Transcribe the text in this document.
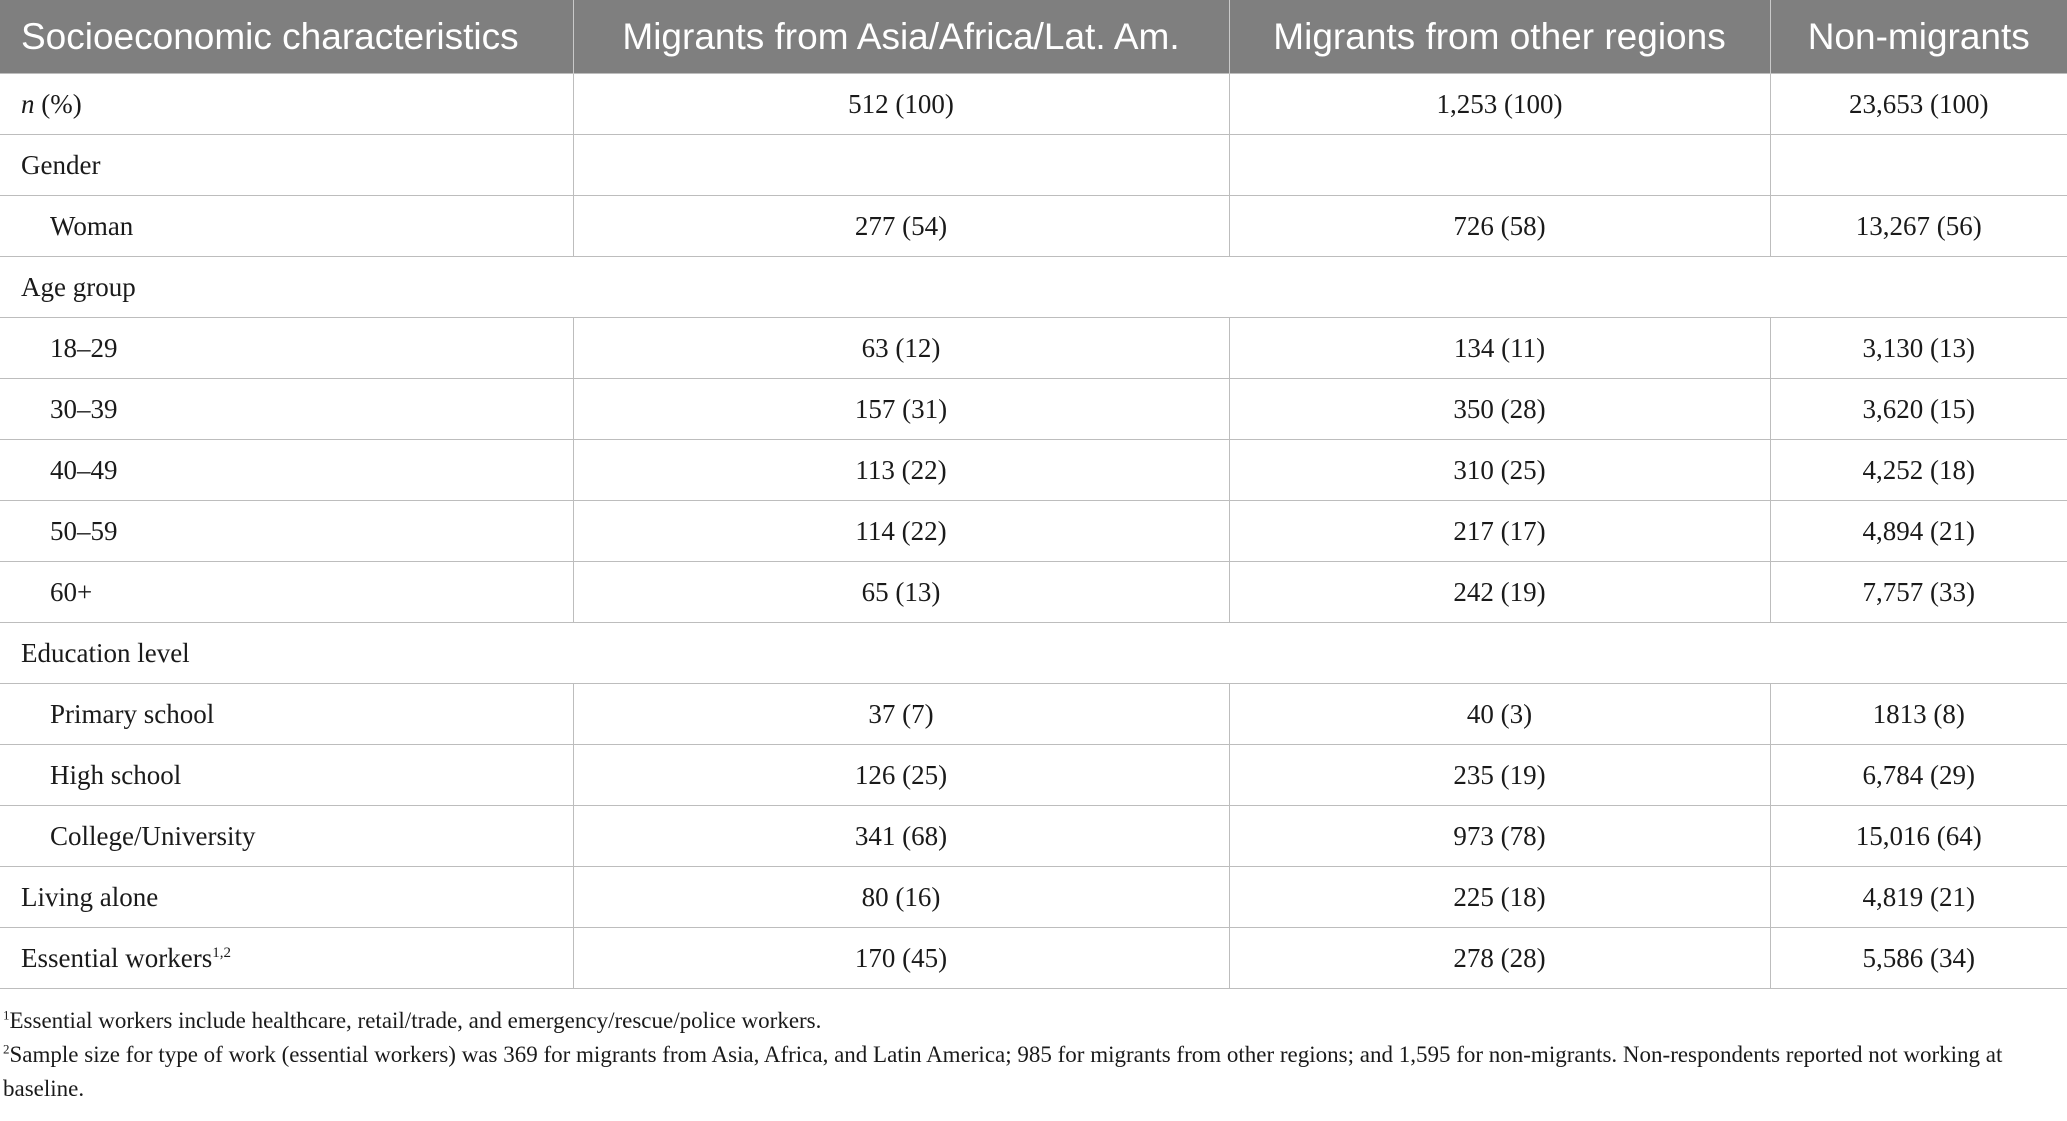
Socioeconomic characteristics	Migrants from Asia/Africa/Lat. Am.	Migrants from other regions	Non-migrants
n (%)	512 (100)	1,253 (100)	23,653 (100)
Gender			
Woman	277 (54)	726 (58)	13,267 (56)
Age group			
18–29	63 (12)	134 (11)	3,130 (13)
30–39	157 (31)	350 (28)	3,620 (15)
40–49	113 (22)	310 (25)	4,252 (18)
50–59	114 (22)	217 (17)	4,894 (21)
60+	65 (13)	242 (19)	7,757 (33)
Education level			
Primary school	37 (7)	40 (3)	1813 (8)
High school	126 (25)	235 (19)	6,784 (29)
College/University	341 (68)	973 (78)	15,016 (64)
Living alone	80 (16)	225 (18)	4,819 (21)
Essential workers$^{1,2}$	170 (45)	278 (28)	5,586 (34)

$^1$Essential workers include healthcare, retail/trade, and emergency/rescue/police workers.

$^2$Sample size for type of work (essential workers) was 369 for migrants from Asia, Africa, and Latin America; 985 for migrants from other regions; and 1,595 for non-migrants. Non-respondents reported not working at baseline.
